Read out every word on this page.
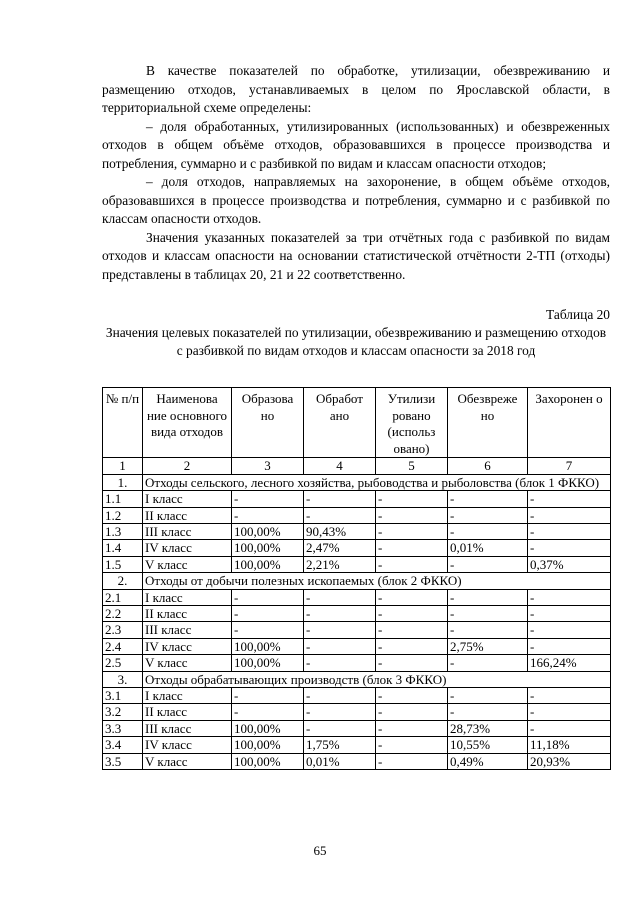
В качестве показателей по обработке, утилизации, обезвреживанию и размещению отходов, устанавливаемых в целом по Ярославской области, в территориальной схеме определены:

– доля обработанных, утилизированных (использованных) и обезвреженных отходов в общем объёме отходов, образовавшихся в процессе производства и потребления, суммарно и с разбивкой по видам и классам опасности отходов;

– доля отходов, направляемых на захоронение, в общем объёме отходов, образовавшихся в процессе производства и потребления, суммарно и с разбивкой по классам опасности отходов.

Значения указанных показателей за три отчётных года с разбивкой по видам отходов и классам опасности на основании статистической отчётности 2-ТП (отходы) представлены в таблицах 20, 21 и 22 соответственно.

Таблица 20
Значения целевых показателей по утилизации, обезвреживанию и размещению отходов с разбивкой по видам отходов и классам опасности за 2018 год
№ п/п	Наименова ние основного вида отходов	Образова но	Обработ ано	Утилизи ровано (использ овано)	Обезвреже но	Захоронен о
1	2	3	4	5	6	7
1.	Отходы сельского, лесного хозяйства, рыбоводства и рыболовства (блок 1 ФККО)					
1.1	I класс	-	-	-	-	-
1.2	II класс	-	-	-	-	-
1.3	III класс	100,00%	90,43%	-	-	-
1.4	IV класс	100,00%	2,47%	-	0,01%	-
1.5	V класс	100,00%	2,21%	-	-	0,37%
2.	Отходы от добычи полезных ископаемых (блок 2 ФККО)					
2.1	I класс	-	-	-	-	-
2.2	II класс	-	-	-	-	-
2.3	III класс	-	-	-	-	-
2.4	IV класс	100,00%	-	-	2,75%	-
2.5	V класс	100,00%	-	-	-	166,24%
3.	Отходы обрабатывающих производств (блок 3 ФККО)					
3.1	I класс	-	-	-	-	-
3.2	II класс	-	-	-	-	-
3.3	III класс	100,00%	-	-	28,73%	-
3.4	IV класс	100,00%	1,75%	-	10,55%	11,18%
3.5	V класс	100,00%	0,01%	-	0,49%	20,93%
65
